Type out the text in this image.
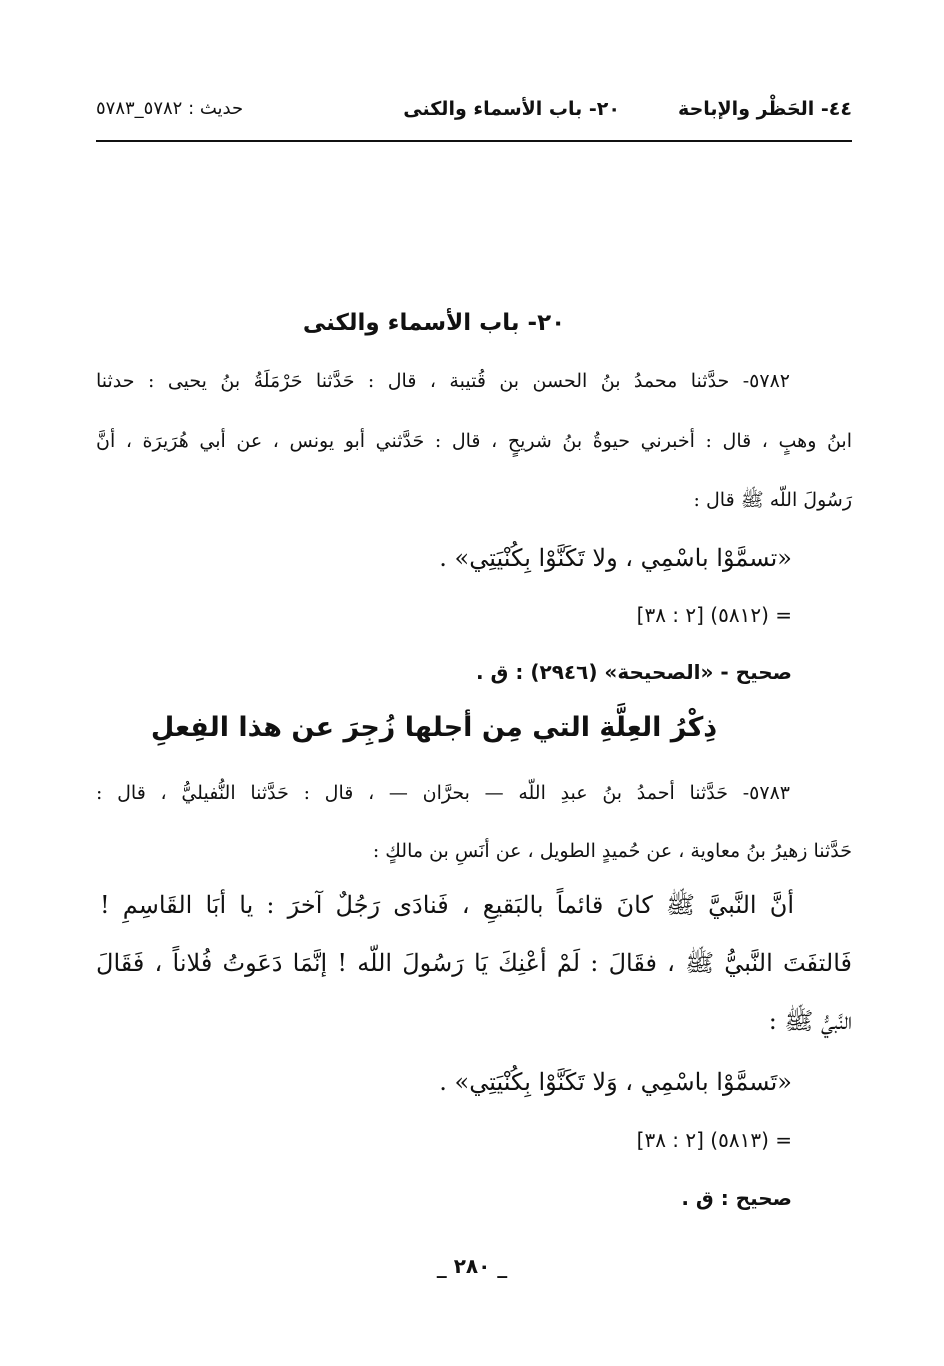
٤٤- الحَظْر والإباحة
٢٠- باب الأسماء والكنى
حديث : ٥٧٨٢_٥٧٨٣
٢٠- باب الأسماء والكنى
٥٧٨٢- حدَّثنا محمدُ بنُ الحسن بن قُتيبة ، قال : حَدَّثنا حَرْمَلَةُ بنُ يحيى : حدثنا
ابنُ وهبٍ ، قال : أخبرني حيوةُ بنُ شريحٍ ، قال : حَدَّثني أبو يونس ، عن أبي هُرَيرَة ، أنَّ
رَسُولَ اللّه ﷺ قال :
«تسمَّوْا باسْمِي ، ولا تَكَنَّوْا بِكُنْيَتِي» .
= (٥٨١٢) [٢ : ٣٨]
صحيح - «الصحيحة» (٢٩٤٦) : ق .
ذِكْرُ العِلَّةِ التي مِن أجلها زُجِرَ عن هذا الفِعلِ
٥٧٨٣- حَدَّثنا أحمدُ بنُ عبدِ اللّه — بحرَّان — ، قال : حَدَّثنا النُّفيليُّ ، قال :
حَدَّثنا زهيرُ بنُ معاوية ، عن حُميدٍ الطويل ، عن أنَسِ بن مالكٍ :
أنَّ النَّبيَّ ﷺ كانَ قائماً بالبَقيعِ ، فَنادَى رَجُلٌ آخرَ : يا أبَا القَاسِمِ !
فَالتفَتَ النَّبيُّ ﷺ ، فقَالَ : لَمْ أعْنِكَ يَا رَسُولَ اللّه ! إنَّمَا دَعَوتُ فُلاناً ، فَقَالَ
النَّبيُّ ﷺ :
«تَسمَّوْا باسْمِي ، وَلا تَكَنَّوْا بِكُنْيَتِي» .
= (٥٨١٣) [٢ : ٣٨]
صحيح : ق .
_ ٢٨٠ _
